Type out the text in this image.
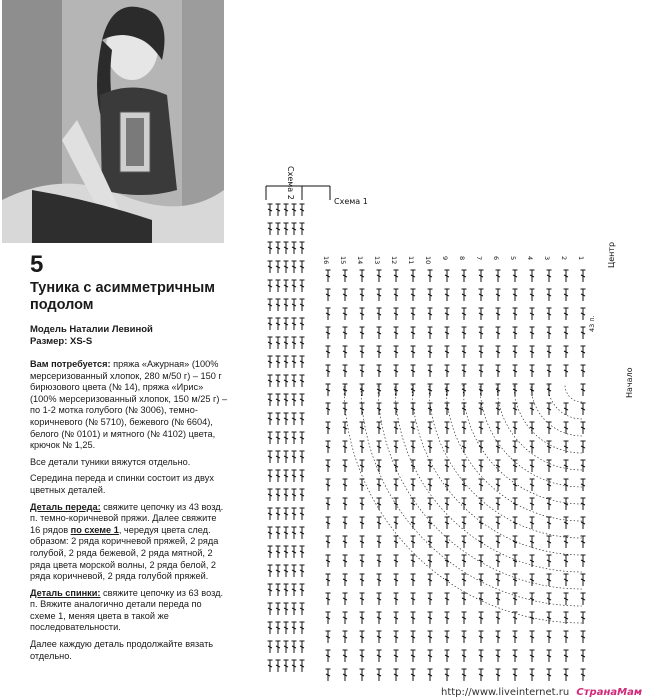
5
Туника с асимметричным подолом
Модель Наталии Левиной
Размер: XS-S

Вам потребуется: пряжа «Ажурная» (100% мерсеризованный хлопок, 280 м/50 г) – 150 г бирюзового цвета (№ 14), пряжа «Ирис» (100% мерсеризованный хлопок, 150 м/25 г) – по 1-2 мотка голубого (№ 3006), темно-коричневого (№ 5710), бежевого (№ 6604), белого (№ 0101) и мятного (№ 4102) цвета, крючок № 1,25.

Все детали туники вяжутся отдельно.

Середина переда и спинки состоит из двух цветных деталей.

Деталь переда: свяжите цепочку из 43 возд. п. темно-коричневой пряжи. Далее свяжите 16 рядов по схеме 1, чередуя цвета след. образом: 2 ряда коричневой пряжей, 2 ряда голубой, 2 ряда бежевой, 2 ряда мятной, 2 ряда цвета морской волны, 2 ряда белой, 2 ряда коричневой, 2 ряда голубой пряжей.

Деталь спинки: свяжите цепочку из 63 возд. п. Вяжите аналогично детали переда по схеме 1, меняя цвета в такой же последовательности.

Далее каждую деталь продолжайте вязать отдельно.

16 15 14 13 12 11 10 9 8 7 6 5 4 3 2 1
Схема 2
Схема 1
Центр
Начало
43 п.
http://www.liveinternet.ru СтранаМам
